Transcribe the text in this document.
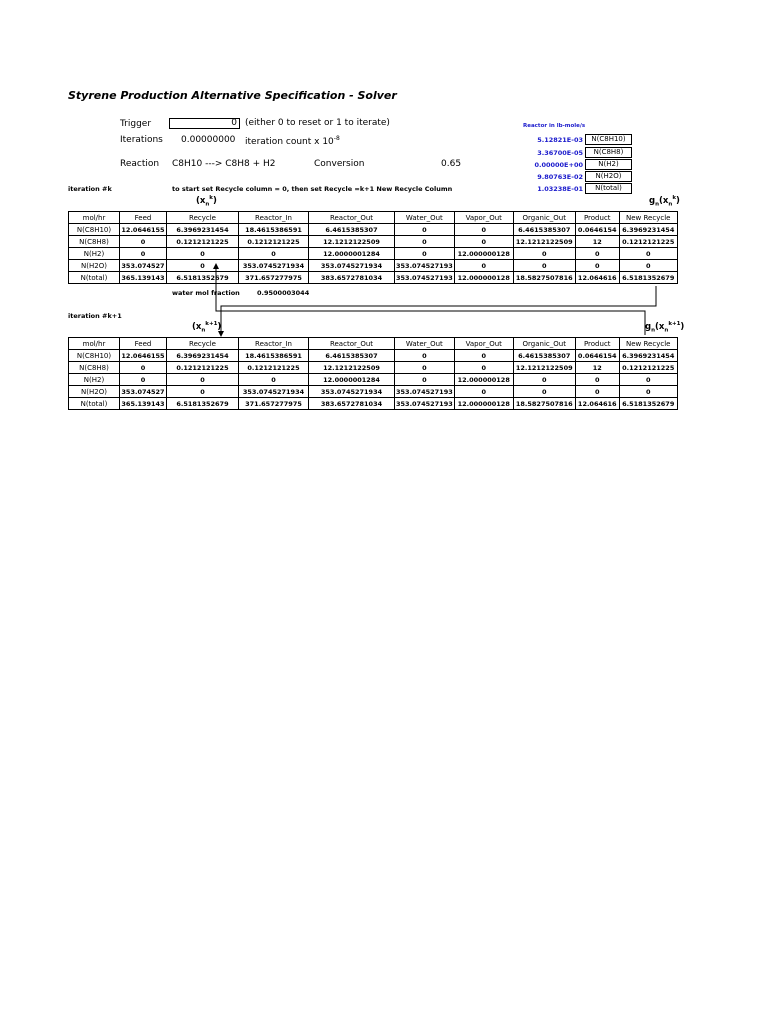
Styrene Production Alternative Specification - Solver
Trigger	0 (either 0 to reset or 1 to iterate)
Iterations 0.00000000 iteration count x $10^{-8}$
Reaction C8H10 ---> C8H8 + H2	Conversion	0.65
Reactor in lb-mole/s
5.12821E-03	N(C8H10)
3.36700E-05	N(C8H8)
0.00000E+00	N(H2)
9.80763E-02	N(H2O)
1.03238E-01	N(total)
iteration #k	to start set Recycle column = 0, then set Recycle =k+1 New Recycle Column
$(x_n^k)$	$g_n(x_n^k)$
mol/hr	Feed	Recycle	Reactor_In	Reactor_Out	Water_Out	Vapor_Out	Organic_Out	Product	New Recycle
N(C8H10)	12.0646155	6.3969231454	18.4615386591	6.4615385307	0	0	6.4615385307	0.0646154	6.3969231454
N(C8H8)	0	0.1212121225	0.1212121225	12.1212122509	0	0	12.1212122509	12	0.1212121225
N(H2)	0	0	0	12.0000001284	0	12.000000128	0	0	0
N(H2O)	353.074527	0	353.0745271934	353.0745271934	353.074527193	0	0	0	0
N(total)	365.139143	6.5181352679	371.657277975	383.6572781034	353.074527193	12.000000128	18.5827507816	12.064616	6.5181352679
water mol fraction	0.9500003044
iteration #k+1
$(x_n^{k+1})$	$g_n(x_n^{k+1})$
mol/hr	Feed	Recycle	Reactor_In	Reactor_Out	Water_Out	Vapor_Out	Organic_Out	Product	New Recycle
N(C8H10)	12.0646155	6.3969231454	18.4615386591	6.4615385307	0	0	6.4615385307	0.0646154	6.3969231454
N(C8H8)	0	0.1212121225	0.1212121225	12.1212122509	0	0	12.1212122509	12	0.1212121225
N(H2)	0	0	0	12.0000001284	0	12.000000128	0	0	0
N(H2O)	353.074527	0	353.0745271934	353.0745271934	353.074527193	0	0	0	0
N(total)	365.139143	6.5181352679	371.657277975	383.6572781034	353.074527193	12.000000128	18.5827507816	12.064616	6.5181352679
